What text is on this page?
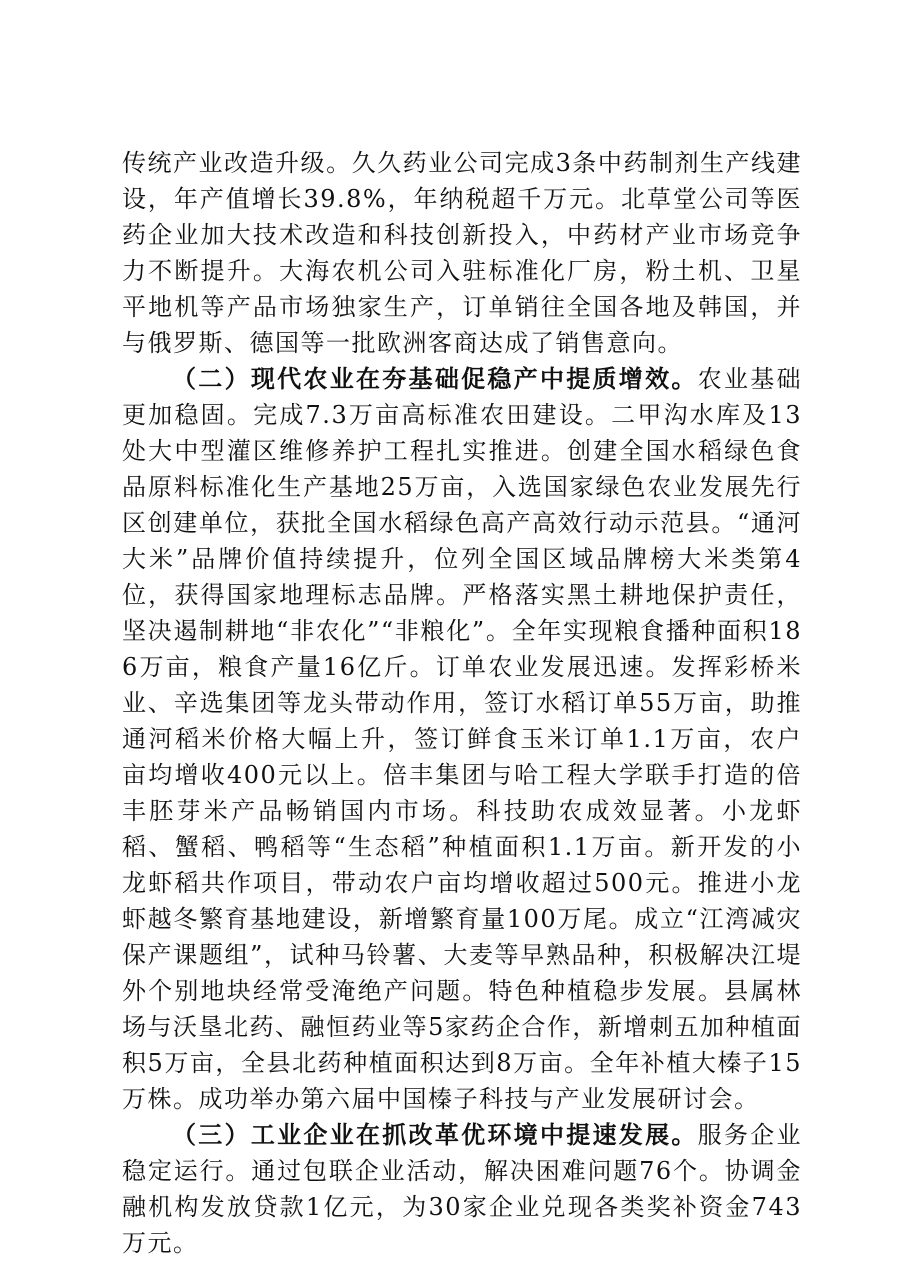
传统产业改造升级。久久药业公司完成3条中药制剂生产线建设，年产值增长39.8%，年纳税超千万元。北草堂公司等医药企业加大技术改造和科技创新投入，中药材产业市场竞争力不断提升。大海农机公司入驻标准化厂房，粉土机、卫星平地机等产品市场独家生产，订单销往全国各地及韩国，并与俄罗斯、德国等一批欧洲客商达成了销售意向。

（二）现代农业在夯基础促稳产中提质增效。农业基础更加稳固。完成7.3万亩高标准农田建设。二甲沟水库及13处大中型灌区维修养护工程扎实推进。创建全国水稻绿色食品原料标准化生产基地25万亩，入选国家绿色农业发展先行区创建单位，获批全国水稻绿色高产高效行动示范县。“通河大米”品牌价值持续提升，位列全国区域品牌榜大米类第4位，获得国家地理标志品牌。严格落实黑土耕地保护责任，坚决遏制耕地“非农化”“非粮化”。全年实现粮食播种面积186万亩，粮食产量16亿斤。订单农业发展迅速。发挥彩桥米业、辛选集团等龙头带动作用，签订水稻订单55万亩，助推通河稻米价格大幅上升，签订鲜食玉米订单1.1万亩，农户亩均增收400元以上。倍丰集团与哈工程大学联手打造的倍丰胚芽米产品畅销国内市场。科技助农成效显著。小龙虾稻、蟹稻、鸭稻等“生态稻”种植面积1.1万亩。新开发的小龙虾稻共作项目，带动农户亩均增收超过500元。推进小龙虾越冬繁育基地建设，新增繁育量100万尾。成立“江湾减灾保产课题组”，试种马铃薯、大麦等早熟品种，积极解决江堤外个别地块经常受淹绝产问题。特色种植稳步发展。县属林场与沃垦北药、融恒药业等5家药企合作，新增刺五加种植面积5万亩，全县北药种植面积达到8万亩。全年补植大榛子15万株。成功举办第六届中国榛子科技与产业发展研讨会。

（三）工业企业在抓改革优环境中提速发展。服务企业稳定运行。通过包联企业活动，解决困难问题76个。协调金融机构发放贷款1亿元，为30家企业兑现各类奖补资金743万元。
